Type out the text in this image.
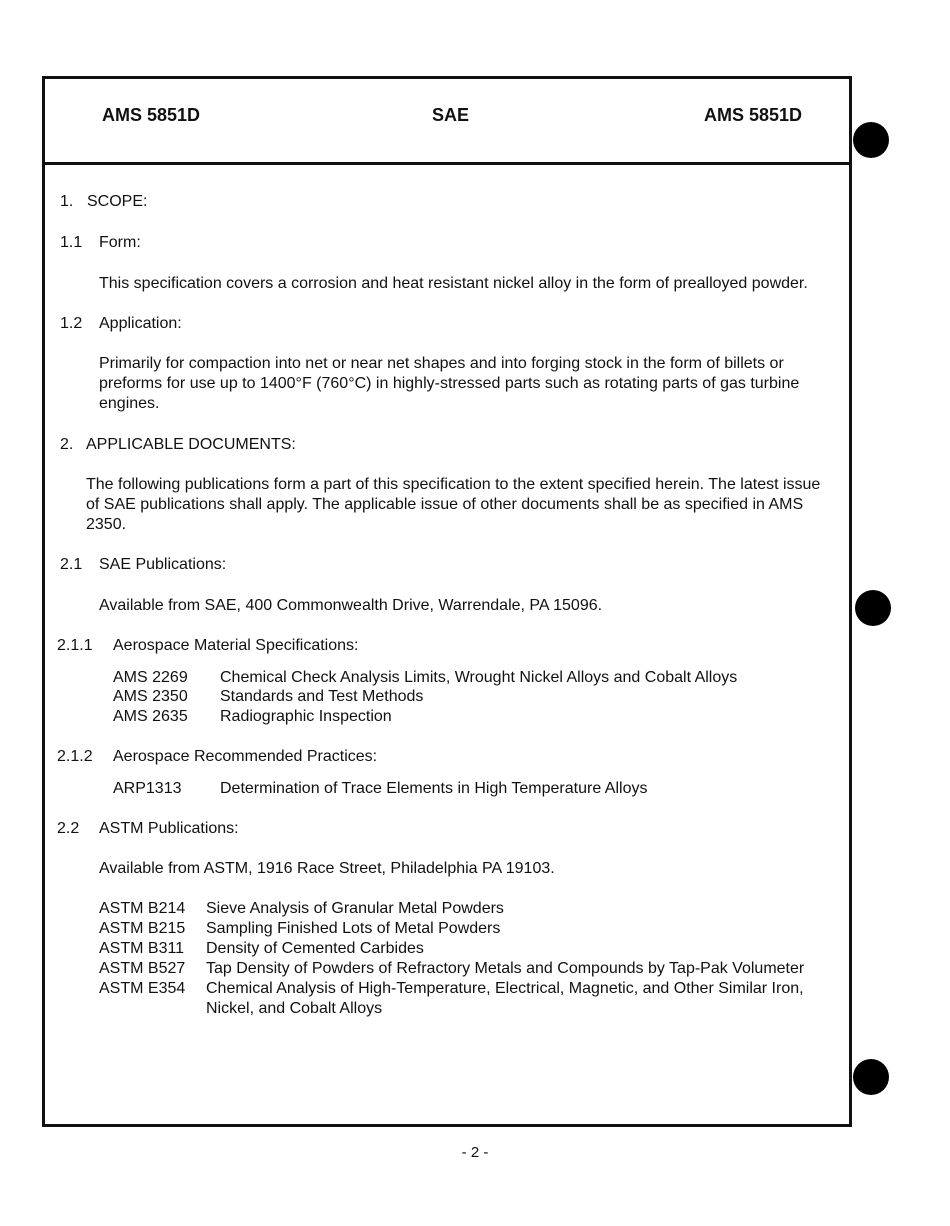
AMS 5851D	SAE	AMS 5851D
1. SCOPE:
1.1 Form:
This specification covers a corrosion and heat resistant nickel alloy in the form of prealloyed powder.
1.2 Application:
Primarily for compaction into net or near net shapes and into forging stock in the form of billets or preforms for use up to 1400°F (760°C) in highly-stressed parts such as rotating parts of gas turbine engines.
2. APPLICABLE DOCUMENTS:
The following publications form a part of this specification to the extent specified herein. The latest issue of SAE publications shall apply. The applicable issue of other documents shall be as specified in AMS 2350.
2.1 SAE Publications:
Available from SAE, 400 Commonwealth Drive, Warrendale, PA 15096.
2.1.1 Aerospace Material Specifications:
AMS 2269 Chemical Check Analysis Limits, Wrought Nickel Alloys and Cobalt Alloys
AMS 2350 Standards and Test Methods
AMS 2635 Radiographic Inspection
2.1.2 Aerospace Recommended Practices:
ARP1313 Determination of Trace Elements in High Temperature Alloys
2.2 ASTM Publications:
Available from ASTM, 1916 Race Street, Philadelphia PA 19103.
ASTM B214 Sieve Analysis of Granular Metal Powders
ASTM B215 Sampling Finished Lots of Metal Powders
ASTM B311 Density of Cemented Carbides
ASTM B527 Tap Density of Powders of Refractory Metals and Compounds by Tap-Pak Volumeter
ASTM E354 Chemical Analysis of High-Temperature, Electrical, Magnetic, and Other Similar Iron,
Nickel, and Cobalt Alloys
- 2 -
